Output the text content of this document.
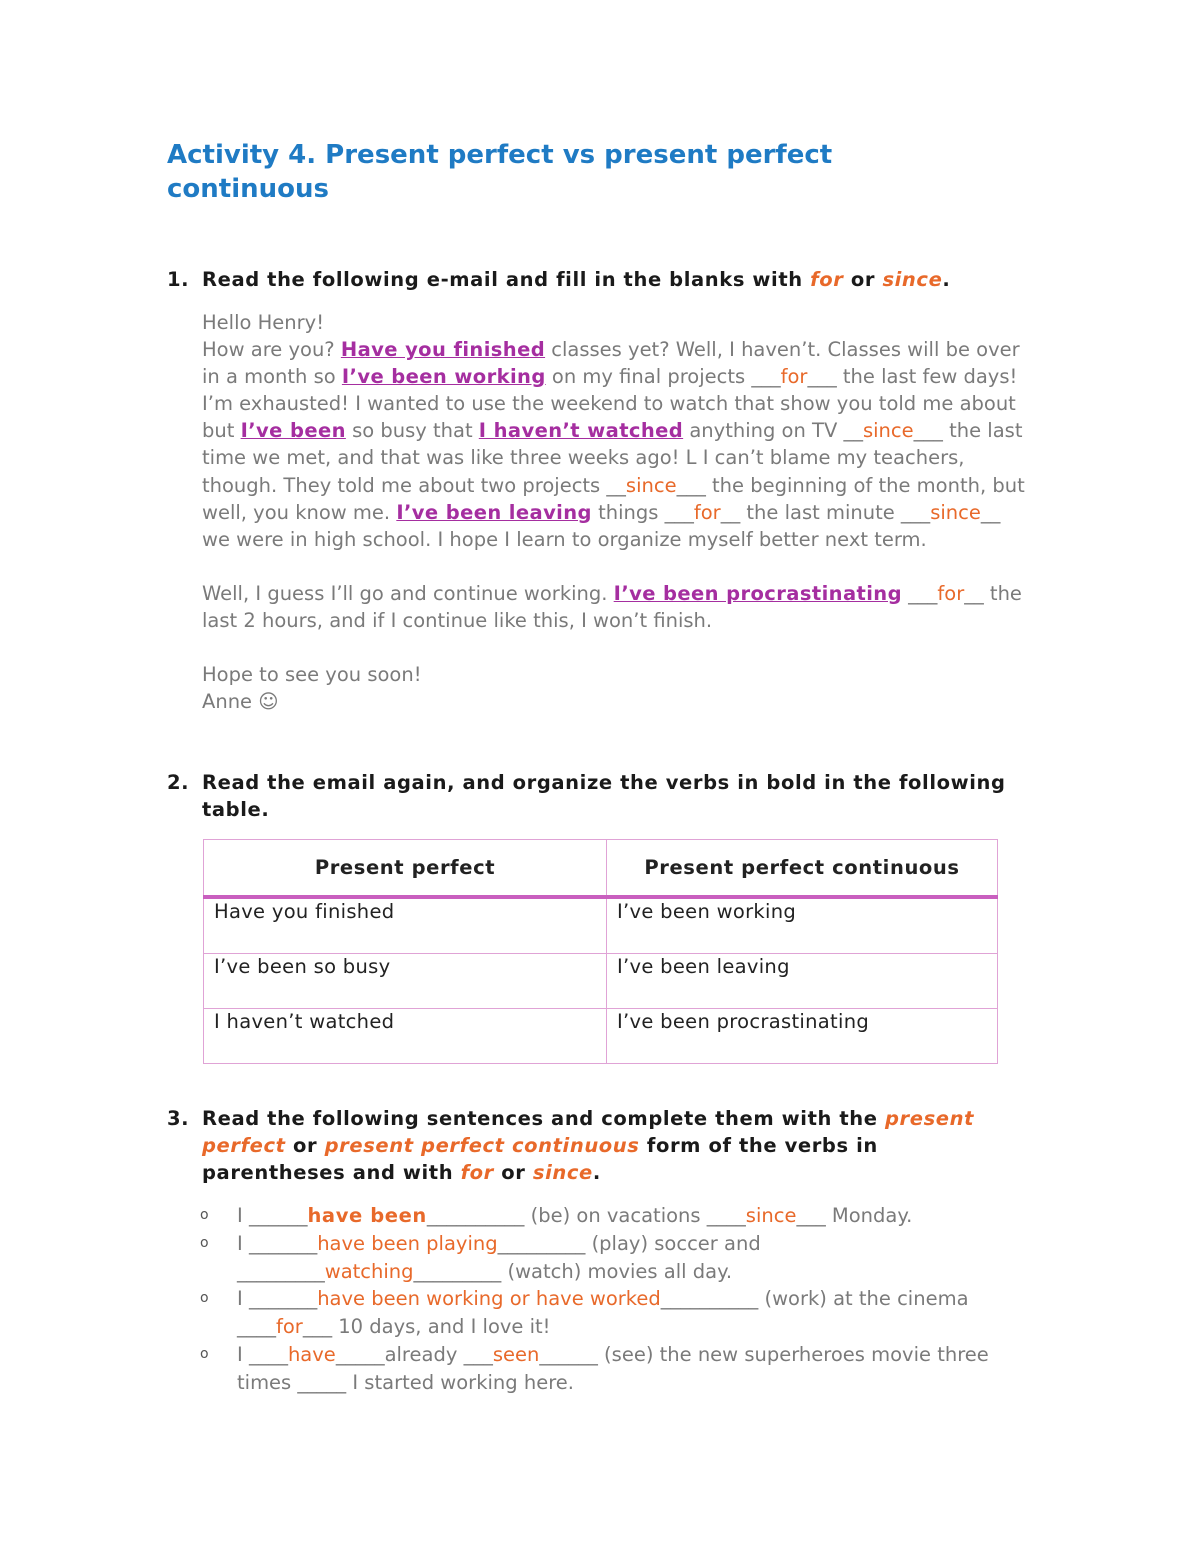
Activity 4. Present perfect vs present perfect continuous
1. Read the following e-mail and fill in the blanks with for or since.

Hello Henry!

How are you? Have you finished classes yet? Well, I haven’t. Classes will be over in a month so I’ve been working on my final projects ___for___ the last few days! I’m exhausted! I wanted to use the weekend to watch that show you told me about but I’ve been so busy that I haven’t watched anything on TV __since___ the last time we met, and that was like three weeks ago! L I can’t blame my teachers, though. They told me about two projects __since___ the beginning of the month, but well, you know me. I’ve been leaving things ___for__ the last minute ___since__ we were in high school. I hope I learn to organize myself better next term.

Well, I guess I’ll go and continue working. I’ve been procrastinating ___for__ the last 2 hours, and if I continue like this, I won’t finish.

Hope to see you soon!

Anne ☺

2. Read the email again, and organize the verbs in bold in the following table.
Present perfect	Present perfect continuous
Have you finished	I’ve been working
I’ve been so busy	I’ve been leaving
I haven’t watched	I’ve been procrastinating
3. Read the following sentences and complete them with the present perfect or present perfect continuous form of the verbs in parentheses and with for or since.
o I ______have been__________ (be) on vacations ____since___ Monday.
o I _______have been playing_________ (play) soccer and _________watching_________ (watch) movies all day.
o I _______have been working or have worked__________ (work) at the cinema ____for___ 10 days, and I love it!
o I ____have_____already ___seen______ (see) the new superheroes movie three times _____ I started working here.
